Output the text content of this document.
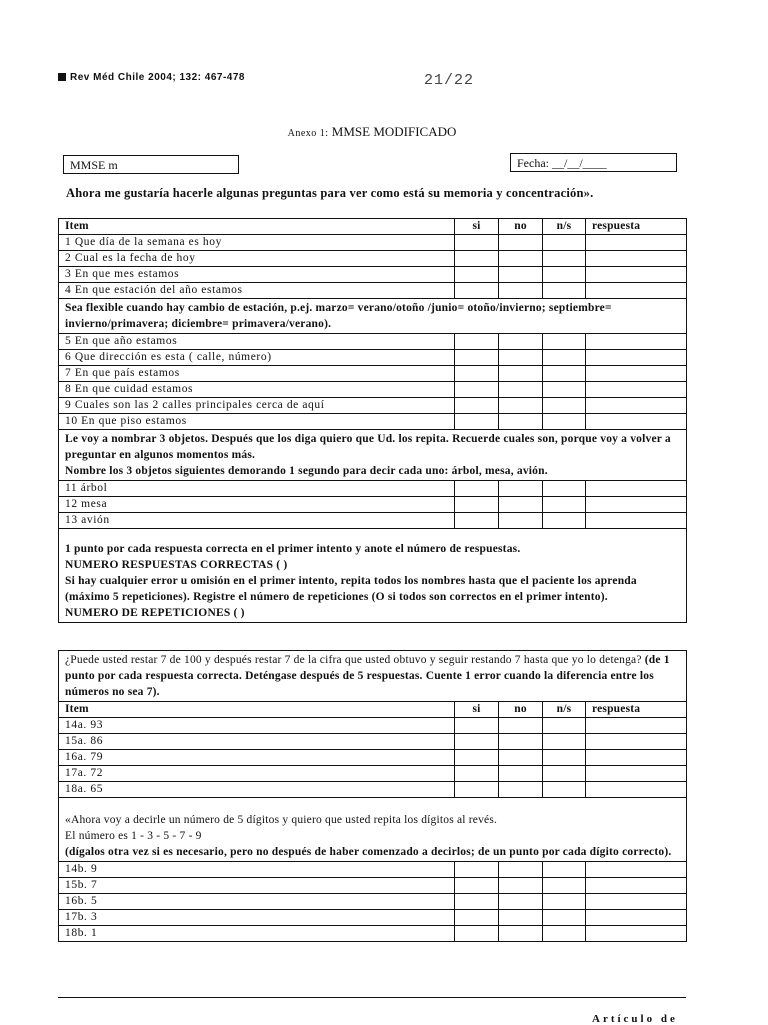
Rev Méd Chile 2004; 132: 467-478	21/22
Anexo 1: MMSE MODIFICADO
MMSE m	Fecha: __/__/____
Ahora me gustaría hacerle algunas preguntas para ver como está su memoria y concentración».
Item	si	no	n/s	respuesta
1 Que día de la semana es hoy				
2 Cual es la fecha de hoy				
3 En que mes estamos				
4 En que estación del año estamos				

Sea flexible cuando hay cambio de estación, p.ej. marzo= verano/otoño /junio= otoño/invierno; septiembre= invierno/primavera; diciembre= primavera/verano).				

5 En que año estamos				
6 Que dirección es esta ( calle, número)				
7 En que país estamos				
8 En que cuidad estamos				
9 Cuales son las 2 calles principales cerca de aquí				
10 En que piso estamos				

Le voy a nombrar 3 objetos. Después que los diga quiero que Ud. los repita. Recuerde cuales son, porque voy a volver a preguntar en algunos momentos más.
Nombre los 3 objetos siguientes demorando 1 segundo para decir cada uno: árbol, mesa, avión.				

11 árbol				
12 mesa				
13 avión				

1 punto por cada respuesta correcta en el primer intento y anote el número de respuestas.
NUMERO RESPUESTAS CORRECTAS ( )
Si hay cualquier error u omisión en el primer intento, repita todos los nombres hasta que el paciente los aprenda (máximo 5 repeticiones). Registre el número de repeticiones (O si todos son correctos en el primer intento).
NUMERO DE REPETICIONES ( )				
¿Puede usted restar 7 de 100 y después restar 7 de la cifra que usted obtuvo y seguir restando 7 hasta que yo lo detenga? (de 1 punto por cada respuesta correcta. Deténgase después de 5 respuestas. Cuente 1 error cuando la diferencia entre los números no sea 7).				
Item	si	no	n/s	respuesta
14a. 93				
15a. 86				
16a. 79				
17a. 72				
18a. 65				

«Ahora voy a decirle un número de 5 dígitos y quiero que usted repita los dígitos al revés.
El número es 1 - 3 - 5 - 7 - 9
(dígalos otra vez si es necesario, pero no después de haber comenzado a decirlos; de un punto por cada dígito correcto).				

14b. 9				
15b. 7				
16b. 5				
17b. 3				
18b. 1				
Artículo de
